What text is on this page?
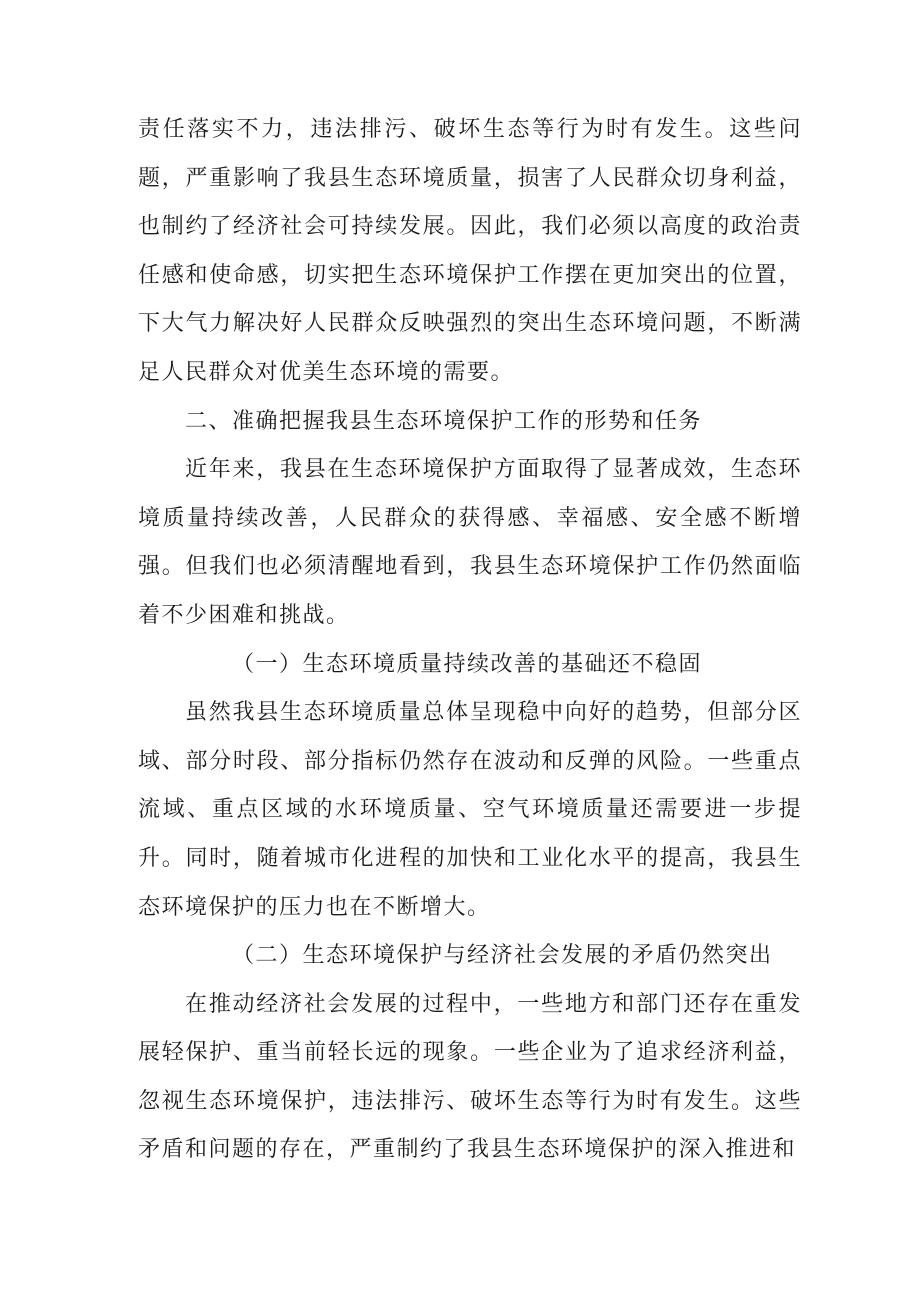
责任落实不力，违法排污、破坏生态等行为时有发生。这些问题，严重影响了我县生态环境质量，损害了人民群众切身利益，也制约了经济社会可持续发展。因此，我们必须以高度的政治责任感和使命感，切实把生态环境保护工作摆在更加突出的位置，下大气力解决好人民群众反映强烈的突出生态环境问题，不断满足人民群众对优美生态环境的需要。

二、准确把握我县生态环境保护工作的形势和任务

近年来，我县在生态环境保护方面取得了显著成效，生态环境质量持续改善，人民群众的获得感、幸福感、安全感不断增强。但我们也必须清醒地看到，我县生态环境保护工作仍然面临着不少困难和挑战。

（一）生态环境质量持续改善的基础还不稳固

虽然我县生态环境质量总体呈现稳中向好的趋势，但部分区域、部分时段、部分指标仍然存在波动和反弹的风险。一些重点流域、重点区域的水环境质量、空气环境质量还需要进一步提升。同时，随着城市化进程的加快和工业化水平的提高，我县生态环境保护的压力也在不断增大。

（二）生态环境保护与经济社会发展的矛盾仍然突出

在推动经济社会发展的过程中，一些地方和部门还存在重发展轻保护、重当前轻长远的现象。一些企业为了追求经济利益，忽视生态环境保护，违法排污、破坏生态等行为时有发生。这些矛盾和问题的存在，严重制约了我县生态环境保护的深入推进和
